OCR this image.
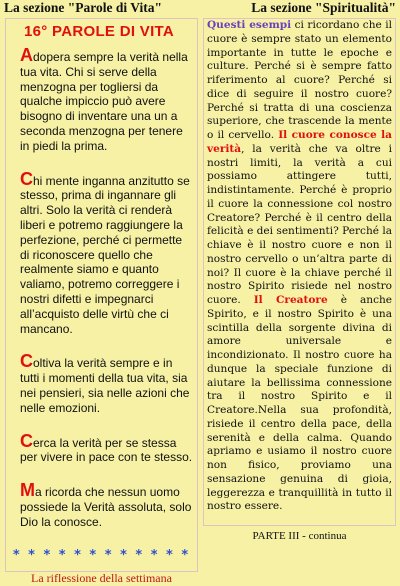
La sezione "Parole di Vita"	La sezione "Spiritualità"
16° PAROLE DI VITA

Adopera sempre la verità nella tua vita. Chi si serve della menzogna per togliersi da qualche impiccio può avere bisogno di inventare una un a seconda menzogna per tenere in piedi la prima.

Chi mente inganna anzitutto se stesso, prima di ingannare gli altri. Solo la verità ci renderà liberi e potremo raggiungere la perfezione, perché ci permette di riconoscere quello che realmente siamo e quanto valiamo, potremo correggere i nostri difetti e impegnarci all’acquisto delle virtù che ci mancano.

Coltiva la verità sempre e in tutti i momenti della tua vita, sia nei pensieri, sia nelle azioni che nelle emozioni.

Cerca la verità per se stessa per vivere in pace con te stesso.

Ma ricorda che nessun uomo possiede la Verità assoluta, solo Dio la conosce.

* * * * * * * * * * * *
La riflessione della settimana

Questi esempi ci ricordano che il cuore è sempre stato un elemento importante in tutte le epoche e culture. Perché si è sempre fatto riferimento al cuore? Perché si dice di seguire il nostro cuore? Perché si tratta di una coscienza superiore, che trascende la mente o il cervello. Il cuore conosce la verità, la verità che va oltre i nostri limiti, la verità a cui possiamo attingere tutti, indistintamente. Perché è proprio il cuore la connessione col nostro Creatore? Perché è il centro della felicità e dei sentimenti? Perché la chiave è il nostro cuore e non il nostro cervello o un’altra parte di noi? Il cuore è la chiave perché il nostro Spirito risiede nel nostro cuore. Il Creatore è anche Spirito, e il nostro Spirito è una scintilla della sorgente divina di amore universale e incondizionato. Il nostro cuore ha dunque la speciale funzione di aiutare la bellissima connessione tra il nostro Spirito e il Creatore.Nella sua profondità, risiede il centro della pace, della serenità e della calma. Quando apriamo e usiamo il nostro cuore non fisico, proviamo una sensazione genuina di gioia, leggerezza e tranquillità in tutto il nostro essere.

PARTE III - continua
